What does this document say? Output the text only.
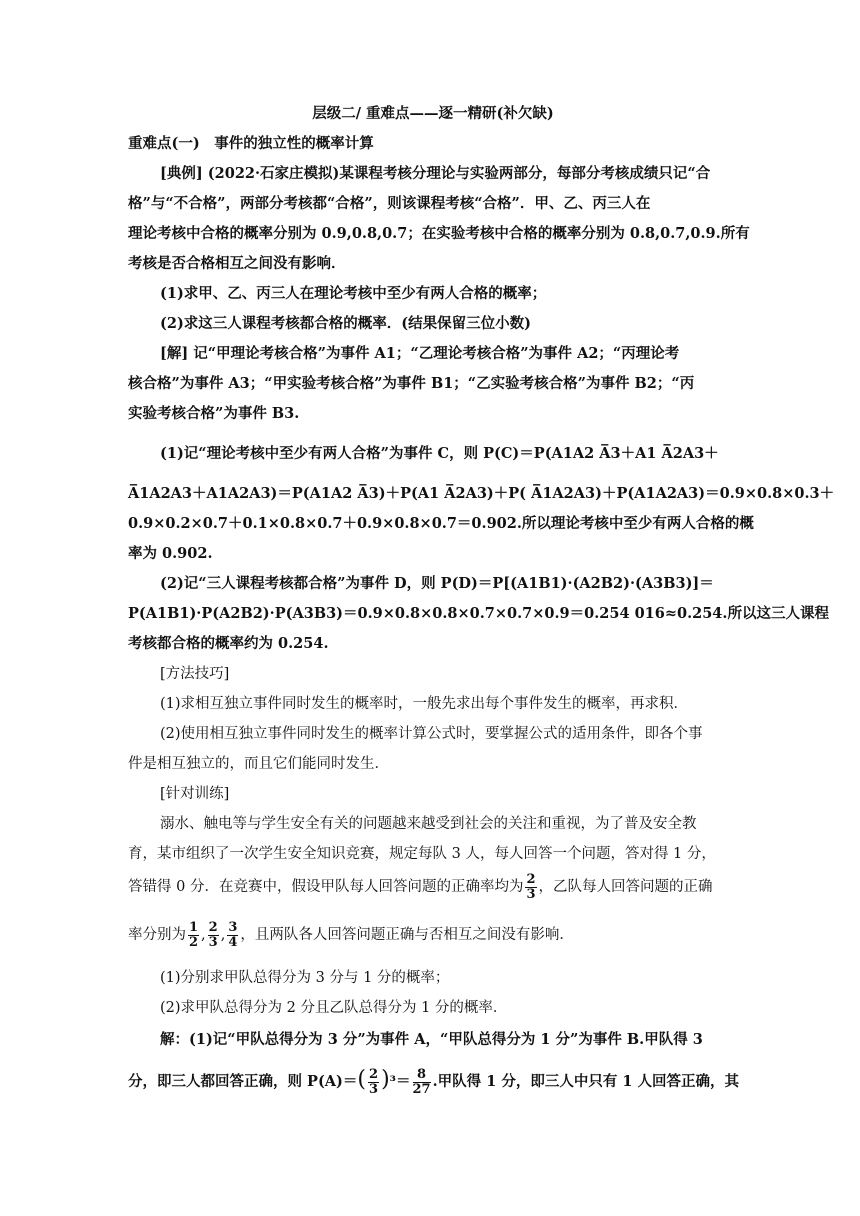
层级二/ 重难点——逐一精研(补欠缺)
重难点(一)　事件的独立性的概率计算
[典例] (2022·石家庄模拟)某课程考核分理论与实验两部分，每部分考核成绩只记“合
格”与“不合格”，两部分考核都“合格”，则该课程考核“合格”．甲、乙、丙三人在
理论考核中合格的概率分别为 0.9,0.8,0.7；在实验考核中合格的概率分别为 0.8,0.7,0.9.所有
考核是否合格相互之间没有影响．
(1)求甲、乙、丙三人在理论考核中至少有两人合格的概率；
(2)求这三人课程考核都合格的概率．(结果保留三位小数)
[解] 记“甲理论考核合格”为事件 A1；“乙理论考核合格”为事件 A2；“丙理论考
核合格”为事件 A3；“甲实验考核合格”为事件 B1；“乙实验考核合格”为事件 B2；“丙
实验考核合格”为事件 B3.
(1)记“理论考核中至少有两人合格”为事件 C，则 P(C)＝P(A1A2 A̅3＋A1 A̅2A3＋
A̅1A2A3＋A1A2A3)＝P(A1A2 A̅3)＋P(A1 A̅2A3)＋P( A̅1A2A3)＋P(A1A2A3)＝0.9×0.8×0.3＋
0.9×0.2×0.7＋0.1×0.8×0.7＋0.9×0.8×0.7＝0.902.所以理论考核中至少有两人合格的概
率为 0.902.
(2)记“三人课程考核都合格”为事件 D，则 P(D)＝P[(A1B1)·(A2B2)·(A3B3)]＝
P(A1B1)·P(A2B2)·P(A3B3)＝0.9×0.8×0.8×0.7×0.7×0.9＝0.254 016≈0.254.所以这三人课程
考核都合格的概率约为 0.254.
[方法技巧]
(1)求相互独立事件同时发生的概率时，一般先求出每个事件发生的概率，再求积．
(2)使用相互独立事件同时发生的概率计算公式时，要掌握公式的适用条件，即各个事
件是相互独立的，而且它们能同时发生．
[针对训练]
溺水、触电等与学生安全有关的问题越来越受到社会的关注和重视，为了普及安全教
育，某市组织了一次学生安全知识竞赛，规定每队 3 人，每人回答一个问题，答对得 1 分，
答错得 0 分．在竞赛中，假设甲队每人回答问题的正确率均为 $\frac{2}{3}$ ，乙队每人回答问题的正确
率分别为 $\frac{1}{2}$ , $\frac{2}{3}$ , $\frac{3}{4}$ ，且两队各人回答问题正确与否相互之间没有影响．
(1)分别求甲队总得分为 3 分与 1 分的概率；
(2)求甲队总得分为 2 分且乙队总得分为 1 分的概率．
解：(1)记“甲队总得分为 3 分”为事件 A，“甲队总得分为 1 分”为事件 B.甲队得 3
分，即三人都回答正确，则 $P(A)=( \frac{2}{3} )^3= \frac{8}{27}$ .甲队得 1 分，即三人中只有 1 人回答正确，其
